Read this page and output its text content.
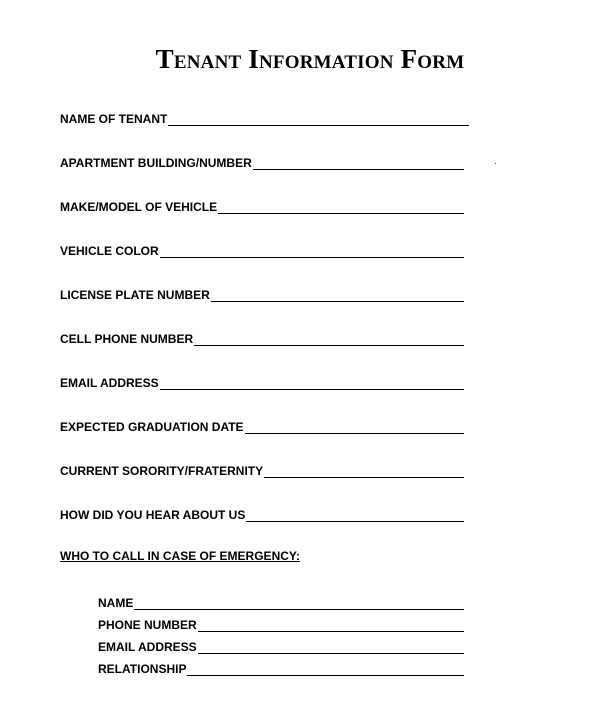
Tenant Information Form
NAME OF TENANT
APARTMENT BUILDING/NUMBER
MAKE/MODEL OF VEHICLE
VEHICLE COLOR
LICENSE PLATE NUMBER
CELL PHONE NUMBER
EMAIL ADDRESS
EXPECTED GRADUATION DATE
CURRENT SORORITY/FRATERNITY
HOW DID YOU HEAR ABOUT US
WHO TO CALL IN CASE OF EMERGENCY:
NAME
PHONE NUMBER
EMAIL ADDRESS
RELATIONSHIP
